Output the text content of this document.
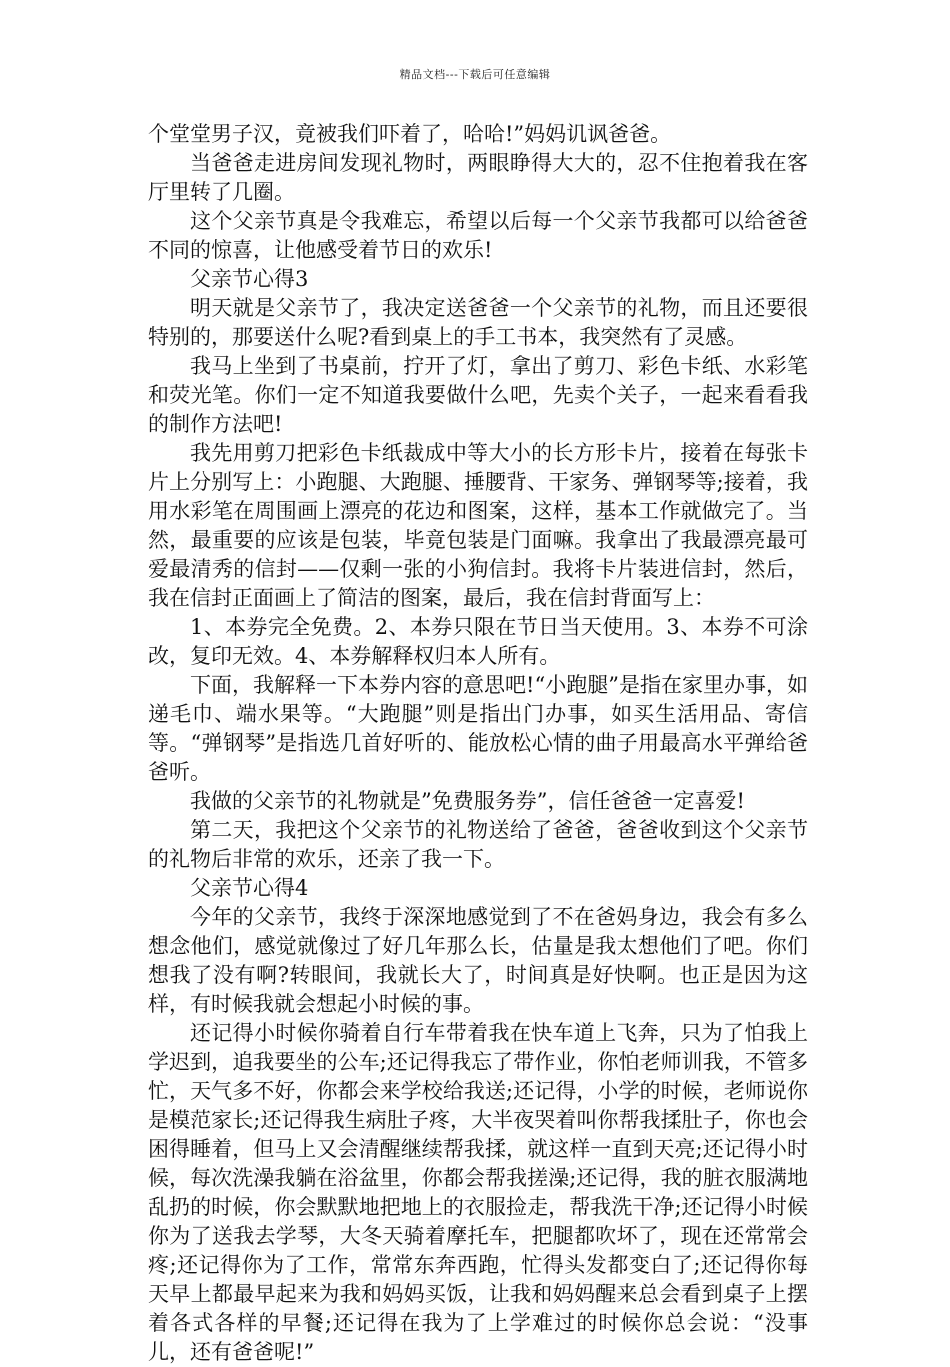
精品文档---下载后可任意编辑

个堂堂男子汉，竟被我们吓着了，哈哈!”妈妈讥讽爸爸。

当爸爸走进房间发现礼物时，两眼睁得大大的，忍不住抱着我在客厅里转了几圈。

这个父亲节真是令我难忘，希望以后每一个父亲节我都可以给爸爸不同的惊喜，让他感受着节日的欢乐!

父亲节心得3

明天就是父亲节了，我决定送爸爸一个父亲节的礼物，而且还要很特别的，那要送什么呢?看到桌上的手工书本，我突然有了灵感。

我马上坐到了书桌前，拧开了灯，拿出了剪刀、彩色卡纸、水彩笔和荧光笔。你们一定不知道我要做什么吧，先卖个关子，一起来看看我的制作方法吧!

我先用剪刀把彩色卡纸裁成中等大小的长方形卡片，接着在每张卡片上分别写上：小跑腿、大跑腿、捶腰背、干家务、弹钢琴等;接着，我用水彩笔在周围画上漂亮的花边和图案，这样，基本工作就做完了。当然，最重要的应该是包装，毕竟包装是门面嘛。我拿出了我最漂亮最可爱最清秀的信封——仅剩一张的小狗信封。我将卡片装进信封，然后，我在信封正面画上了简洁的图案，最后，我在信封背面写上：

1、本券完全免费。2、本券只限在节日当天使用。3、本券不可涂改，复印无效。4、本券解释权归本人所有。

下面，我解释一下本券内容的意思吧!“小跑腿”是指在家里办事，如递毛巾、端水果等。“大跑腿”则是指出门办事，如买生活用品、寄信等。“弹钢琴”是指选几首好听的、能放松心情的曲子用最高水平弹给爸爸听。

我做的父亲节的礼物就是”免费服务券”，信任爸爸一定喜爱!

第二天，我把这个父亲节的礼物送给了爸爸，爸爸收到这个父亲节的礼物后非常的欢乐，还亲了我一下。

父亲节心得4

今年的父亲节，我终于深深地感觉到了不在爸妈身边，我会有多么想念他们，感觉就像过了好几年那么长，估量是我太想他们了吧。你们想我了没有啊?转眼间，我就长大了，时间真是好快啊。也正是因为这样，有时候我就会想起小时候的事。

还记得小时候你骑着自行车带着我在快车道上飞奔，只为了怕我上学迟到，追我要坐的公车;还记得我忘了带作业，你怕老师训我，不管多忙，天气多不好，你都会来学校给我送;还记得，小学的时候，老师说你是模范家长;还记得我生病肚子疼，大半夜哭着叫你帮我揉肚子，你也会困得睡着，但马上又会清醒继续帮我揉，就这样一直到天亮;还记得小时候，每次洗澡我躺在浴盆里，你都会帮我搓澡;还记得，我的脏衣服满地乱扔的时候，你会默默地把地上的衣服捡走，帮我洗干净;还记得小时候你为了送我去学琴，大冬天骑着摩托车，把腿都吹坏了，现在还常常会疼;还记得你为了工作，常常东奔西跑，忙得头发都变白了;还记得你每天早上都最早起来为我和妈妈买饭，让我和妈妈醒来总会看到桌子上摆着各式各样的早餐;还记得在我为了上学难过的时候你总会说：“没事儿，还有爸爸呢!”
